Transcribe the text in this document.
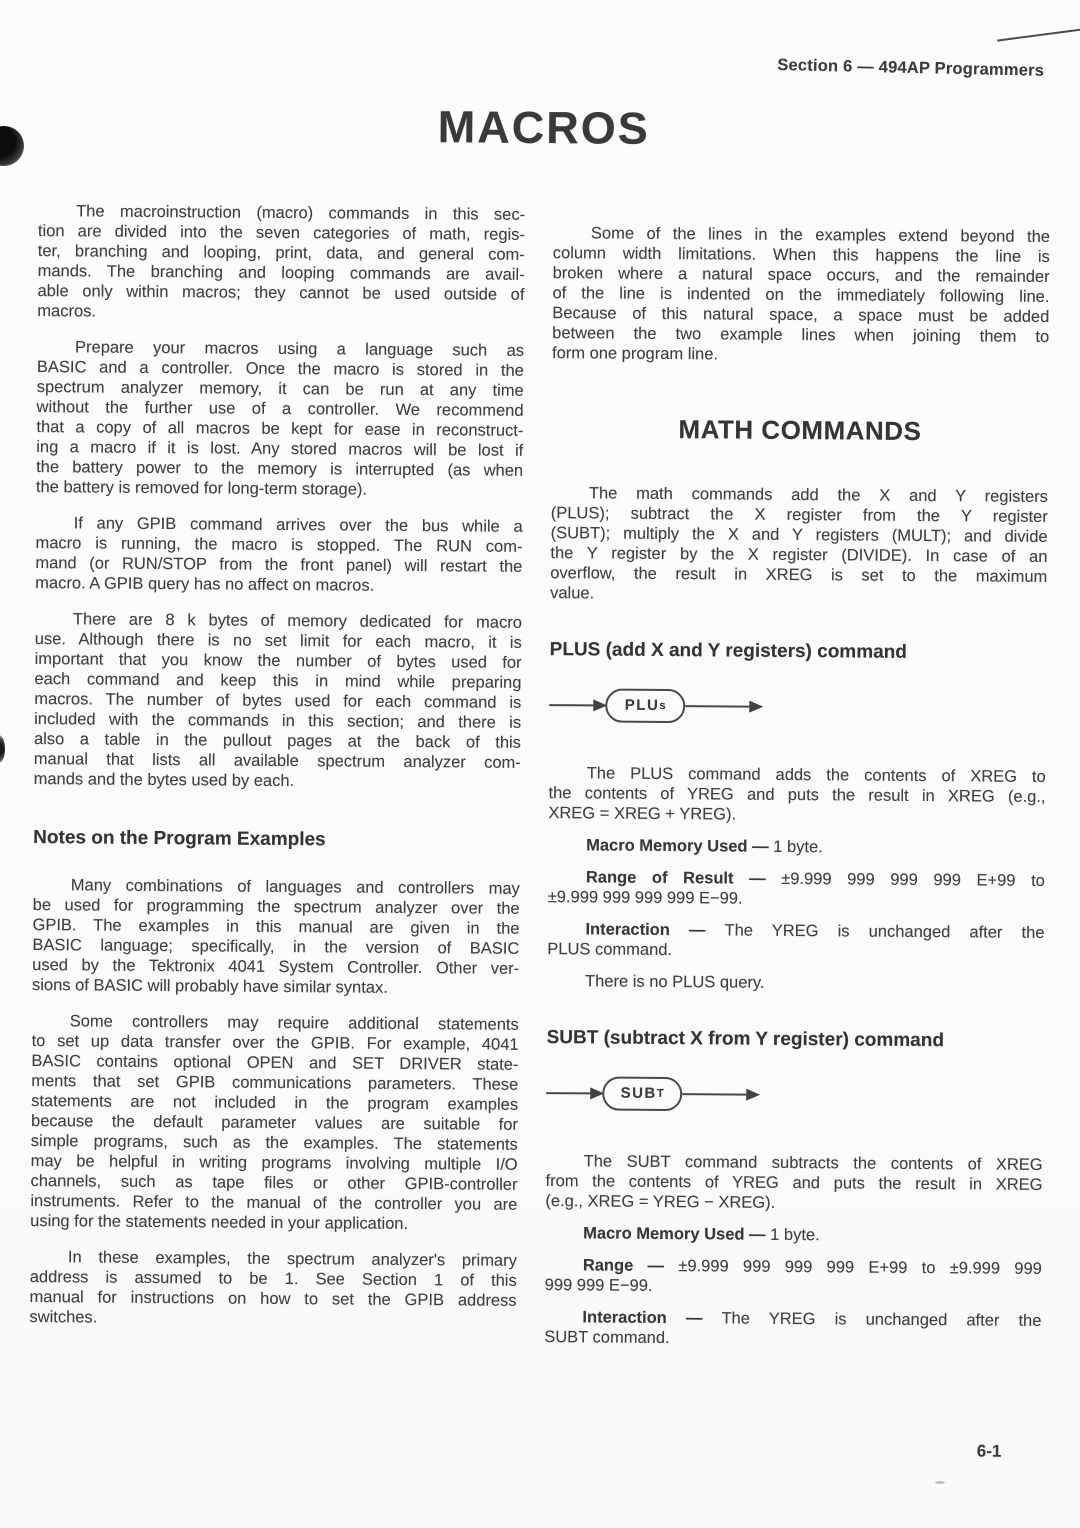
Section 6 — 494AP Programmers
MACROS
The macroinstruction (macro) commands in this sec-
tion are divided into the seven categories of math, regis-
ter, branching and looping, print, data, and general com-
mands. The branching and looping commands are avail-
able only within macros; they cannot be used outside of
macros.
Prepare your macros using a language such as
BASIC and a controller. Once the macro is stored in the
spectrum analyzer memory, it can be run at any time
without the further use of a controller. We recommend
that a copy of all macros be kept for ease in reconstruct-
ing a macro if it is lost. Any stored macros will be lost if
the battery power to the memory is interrupted (as when
the battery is removed for long-term storage).
If any GPIB command arrives over the bus while a
macro is running, the macro is stopped. The RUN com-
mand (or RUN/STOP from the front panel) will restart the
macro. A GPIB query has no affect on macros.
There are 8 k bytes of memory dedicated for macro
use. Although there is no set limit for each macro, it is
important that you know the number of bytes used for
each command and keep this in mind while preparing
macros. The number of bytes used for each command is
included with the commands in this section; and there is
also a table in the pullout pages at the back of this
manual that lists all available spectrum analyzer com-
mands and the bytes used by each.
Notes on the Program Examples
Many combinations of languages and controllers may
be used for programming the spectrum analyzer over the
GPIB. The examples in this manual are given in the
BASIC language; specifically, in the version of BASIC
used by the Tektronix 4041 System Controller. Other ver-
sions of BASIC will probably have similar syntax.
Some controllers may require additional statements
to set up data transfer over the GPIB. For example, 4041
BASIC contains optional OPEN and SET DRIVER state-
ments that set GPIB communications parameters. These
statements are not included in the program examples
because the default parameter values are suitable for
simple programs, such as the examples. The statements
may be helpful in writing programs involving multiple I/O
channels, such as tape files or other GPIB-controller
instruments. Refer to the manual of the controller you are
using for the statements needed in your application.
In these examples, the spectrum analyzer's primary
address is assumed to be 1. See Section 1 of this
manual for instructions on how to set the GPIB address
switches.
Some of the lines in the examples extend beyond the
column width limitations. When this happens the line is
broken where a natural space occurs, and the remainder
of the line is indented on the immediately following line.
Because of this natural space, a space must be added
between the two example lines when joining them to
form one program line.
MATH COMMANDS
The math commands add the X and Y registers
(PLUS); subtract the X register from the Y register
(SUBT); multiply the X and Y registers (MULT); and divide
the Y register by the X register (DIVIDE). In case of an
overflow, the result in XREG is set to the maximum
value.
PLUS (add X and Y registers) command
PLU s
The PLUS command adds the contents of XREG to
the contents of YREG and puts the result in XREG (e.g.,
XREG = XREG + YREG).
Macro Memory Used — 1 byte.
Range of Result — ±9.999 999 999 999 E+99 to
±9.999 999 999 999 E−99.
Interaction — The YREG is unchanged after the
PLUS command.
There is no PLUS query.
SUBT (subtract X from Y register) command
SUB T
The SUBT command subtracts the contents of XREG
from the contents of YREG and puts the result in XREG
(e.g., XREG = YREG − XREG).
Macro Memory Used — 1 byte.
Range — ±9.999 999 999 999 E+99 to ±9.999 999
999 999 E−99.
Interaction — The YREG is unchanged after the
SUBT command.
6-1
